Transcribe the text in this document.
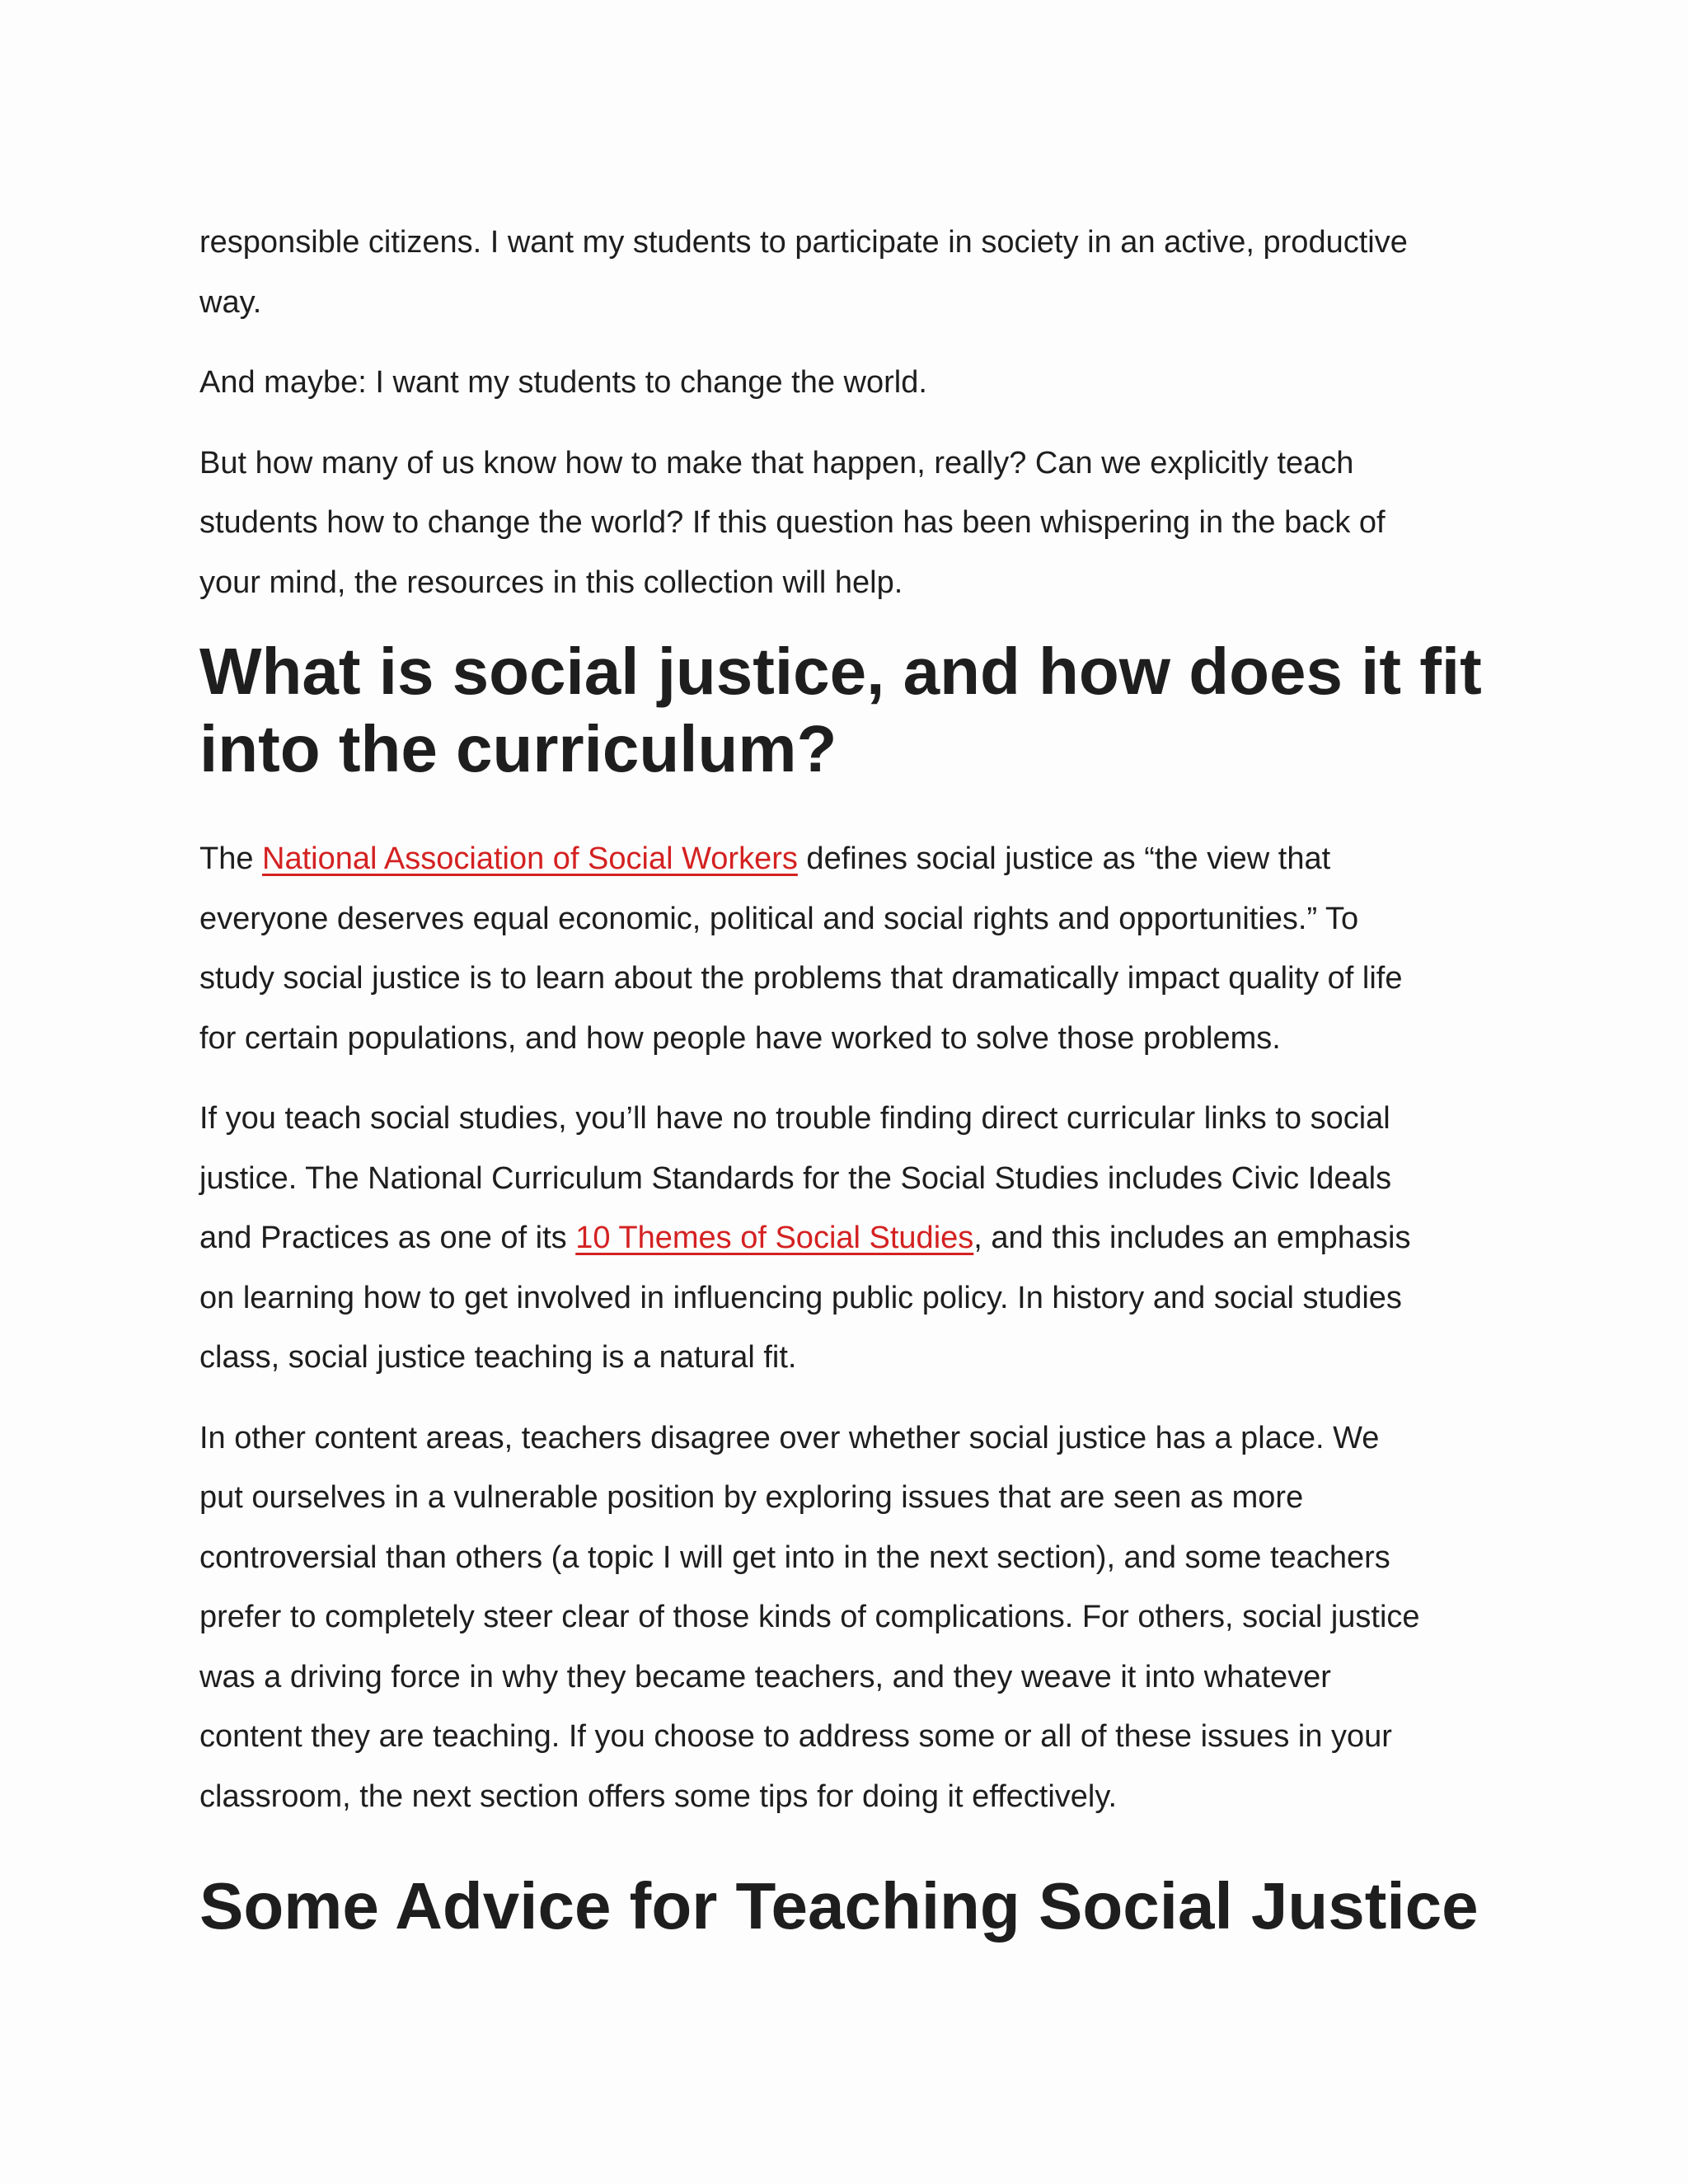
responsible citizens. I want my students to participate in society in an active, productive
way.

And maybe: I want my students to change the world.

But how many of us know how to make that happen, really? Can we explicitly teach
students how to change the world? If this question has been whispering in the back of
your mind, the resources in this collection will help.

What is social justice, and how does it fit
into the curriculum?

The National Association of Social Workers defines social justice as “the view that
everyone deserves equal economic, political and social rights and opportunities.” To
study social justice is to learn about the problems that dramatically impact quality of life
for certain populations, and how people have worked to solve those problems.

If you teach social studies, you’ll have no trouble finding direct curricular links to social
justice. The National Curriculum Standards for the Social Studies includes Civic Ideals
and Practices as one of its 10 Themes of Social Studies, and this includes an emphasis
on learning how to get involved in influencing public policy. In history and social studies
class, social justice teaching is a natural fit.

In other content areas, teachers disagree over whether social justice has a place. We
put ourselves in a vulnerable position by exploring issues that are seen as more
controversial than others (a topic I will get into in the next section), and some teachers
prefer to completely steer clear of those kinds of complications. For others, social justice
was a driving force in why they became teachers, and they weave it into whatever
content they are teaching. If you choose to address some or all of these issues in your
classroom, the next section offers some tips for doing it effectively.

Some Advice for Teaching Social Justice
